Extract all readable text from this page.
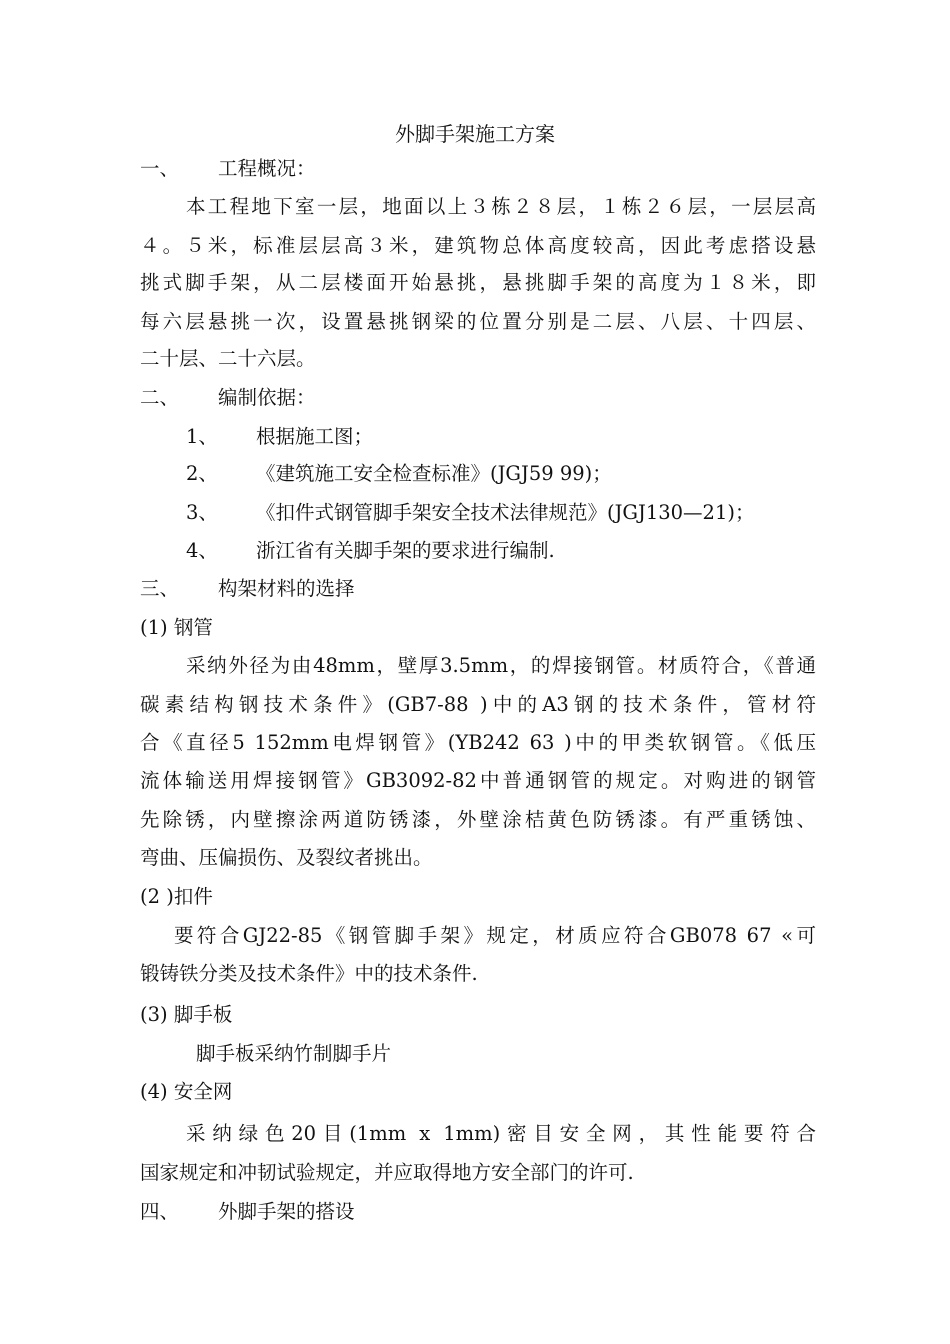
外脚手架施工方案
一、 工程概况：
本工程地下室一层，地面以上３栋２８层，１栋２６层，一层层高
４。５米，标准层层高３米，建筑物总体高度较高，因此考虑搭设悬
挑式脚手架，从二层楼面开始悬挑，悬挑脚手架的高度为１８米，即
每六层悬挑一次，设置悬挑钢梁的位置分别是二层、八层、十四层、
二十层、二十六层。
二、 编制依据：
1、 根据施工图；
2、 《建筑施工安全检查标准》(JGJ59 99)；
3、 《扣件式钢管脚手架安全技术法律规范》(JGJ130—21)；
4、 浙江省有关脚手架的要求进行编制.
三、 构架材料的选择
(1) 钢管
采纳外径为由48mm，壁厚3.5mm，的焊接钢管。材质符合，《普通
碳素结构钢技术条件》(GB7-88 )中的A3钢的技术条件，管材符
合《直径5 152mm电焊钢管》(YB242 63 )中的甲类软钢管。《低压
流体输送用焊接钢管》GB3092-82中普通钢管的规定。对购进的钢管
先除锈，内壁擦涂两道防锈漆，外壁涂桔黄色防锈漆。有严重锈蚀、
弯曲、压偏损伤、及裂纹者挑出。
(2 )扣件
要符合GJ22-85《钢管脚手架》规定，材质应符合GB078 67 «可
锻铸铁分类及技术条件》中的技术条件.
(3) 脚手板
脚手板采纳竹制脚手片
(4) 安全网
采纳绿色20目(1mm x 1mm)密目安全网，其性能要符合
国家规定和冲韧试验规定，并应取得地方安全部门的许可.
四、 外脚手架的搭设
